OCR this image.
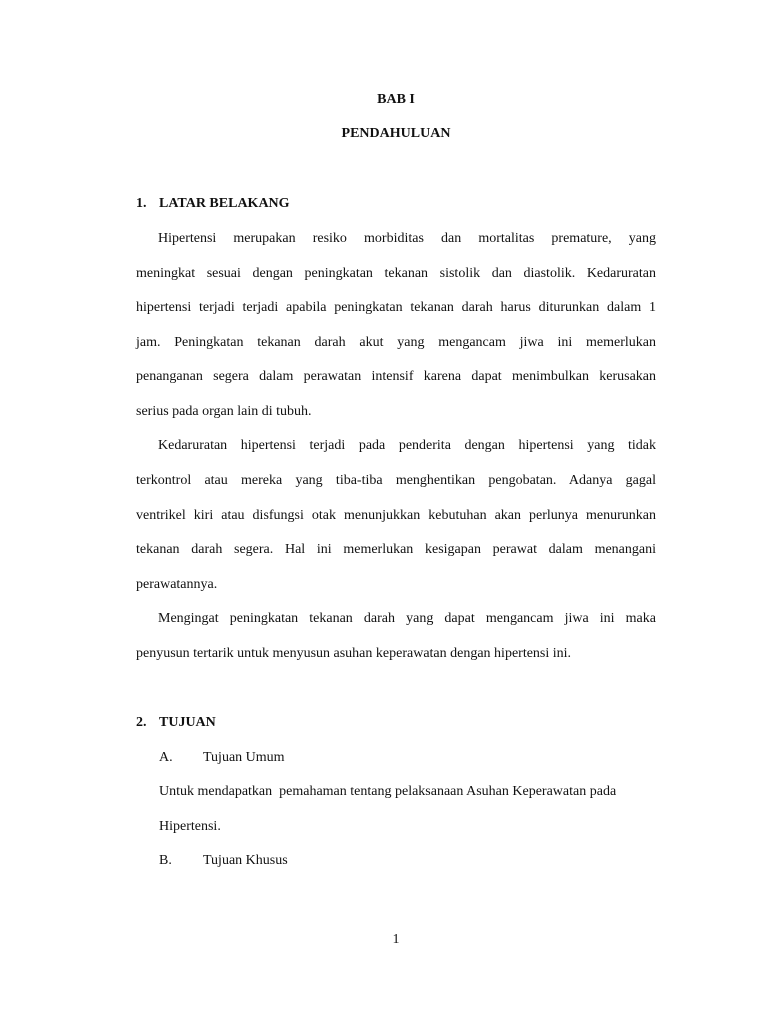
BAB I
PENDAHULUAN
1. LATAR BELAKANG
Hipertensi merupakan resiko morbiditas dan mortalitas premature, yang
meningkat sesuai dengan peningkatan tekanan sistolik dan diastolik. Kedaruratan
hipertensi terjadi terjadi apabila peningkatan tekanan darah harus diturunkan dalam 1
jam. Peningkatan tekanan darah akut yang mengancam jiwa ini memerlukan
penanganan segera dalam perawatan intensif karena dapat menimbulkan kerusakan
serius pada organ lain di tubuh.
Kedaruratan hipertensi terjadi pada penderita dengan hipertensi yang tidak
terkontrol atau mereka yang tiba-tiba menghentikan pengobatan. Adanya gagal
ventrikel kiri atau disfungsi otak menunjukkan kebutuhan akan perlunya menurunkan
tekanan darah segera. Hal ini memerlukan kesigapan perawat dalam menangani
perawatannya.
Mengingat peningkatan tekanan darah yang dapat mengancam jiwa ini maka
penyusun tertarik untuk menyusun asuhan keperawatan dengan hipertensi ini.
2. TUJUAN
A. Tujuan Umum
Untuk mendapatkan  pemahaman tentang pelaksanaan Asuhan Keperawatan pada
Hipertensi.
B. Tujuan Khusus
1
